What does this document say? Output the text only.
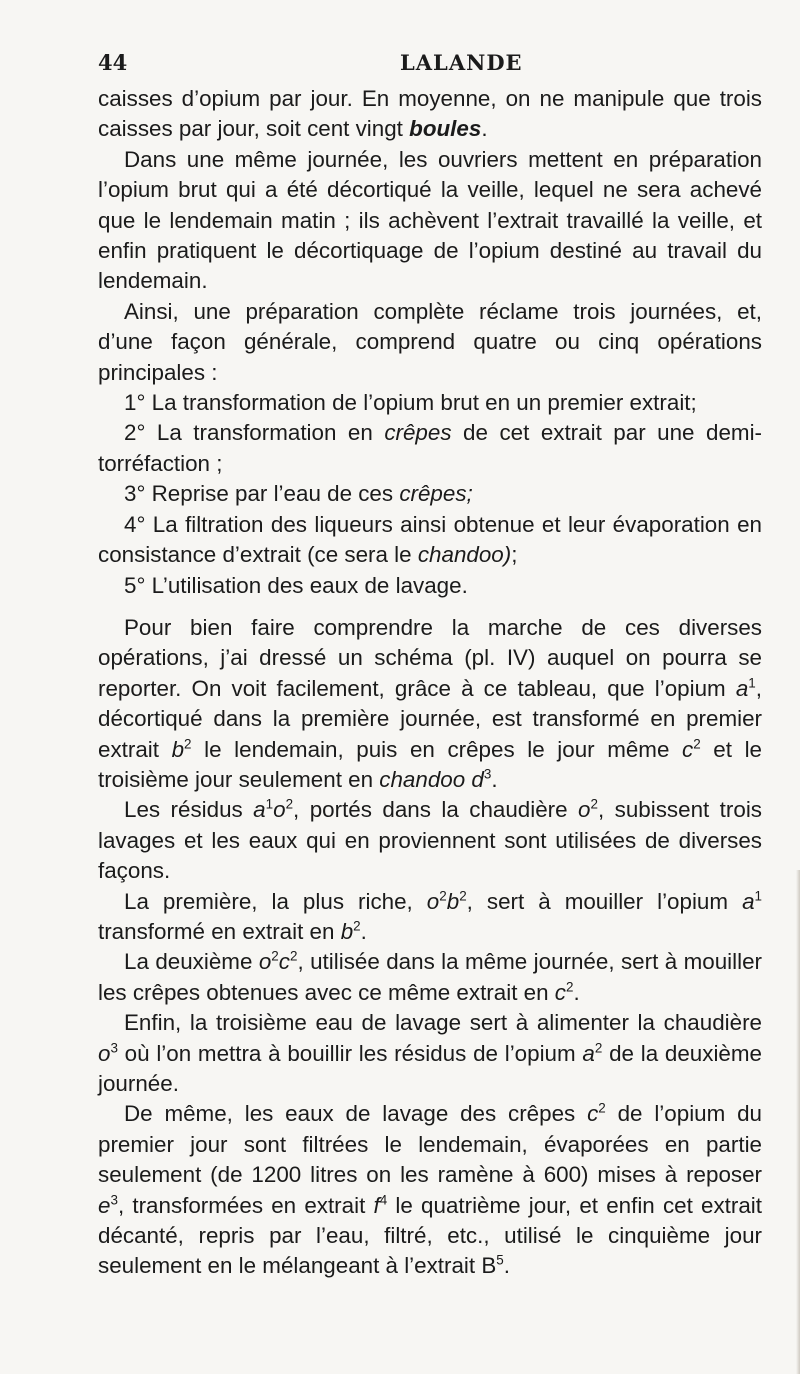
44	LALANDE

caisses d’opium par jour. En moyenne, on ne manipule que trois caisses par jour, soit cent vingt boules.

Dans une même journée, les ouvriers mettent en préparation l’opium brut qui a été décortiqué la veille, lequel ne sera achevé que le lendemain matin ; ils achèvent l’extrait travaillé la veille, et enfin pratiquent le décortiquage de l’opium destiné au travail du lendemain.

Ainsi, une préparation complète réclame trois journées, et, d’une façon générale, comprend quatre ou cinq opérations principales :

1° La transformation de l’opium brut en un premier extrait;
2° La transformation en crêpes de cet extrait par une demi-torréfaction ;
3° Reprise par l’eau de ces crêpes;
4° La filtration des liqueurs ainsi obtenue et leur évaporation en consistance d’extrait (ce sera le chandoo);
5° L’utilisation des eaux de lavage.

Pour bien faire comprendre la marche de ces diverses opérations, j’ai dressé un schéma (pl. IV) auquel on pourra se reporter. On voit facilement, grâce à ce tableau, que l’opium $a^1$, décortiqué dans la première journée, est transformé en premier extrait $b^2$ le lendemain, puis en crêpes le jour même $c^2$ et le troisième jour seulement en chandoo $d^3$.

Les résidus $a^1o^2$, portés dans la chaudière $o^2$, subissent trois lavages et les eaux qui en proviennent sont utilisées de diverses façons.

La première, la plus riche, $o^2b^2$, sert à mouiller l’opium $a^1$ transformé en extrait en $b^2$.

La deuxième $o^2c^2$, utilisée dans la même journée, sert à mouiller les crêpes obtenues avec ce même extrait en $c^2$.

Enfin, la troisième eau de lavage sert à alimenter la chaudière $o^3$ où l’on mettra à bouillir les résidus de l’opium $a^2$ de la deuxième journée.

De même, les eaux de lavage des crêpes $c^2$ de l’opium du premier jour sont filtrées le lendemain, évaporées en partie seulement (de 1200 litres on les ramène à 600) mises à reposer $e^3$, transformées en extrait $f^4$ le quatrième jour, et enfin cet extrait décanté, repris par l’eau, filtré, etc., utilisé le cinquième jour seulement en le mélangeant à l’extrait $B^5$.
